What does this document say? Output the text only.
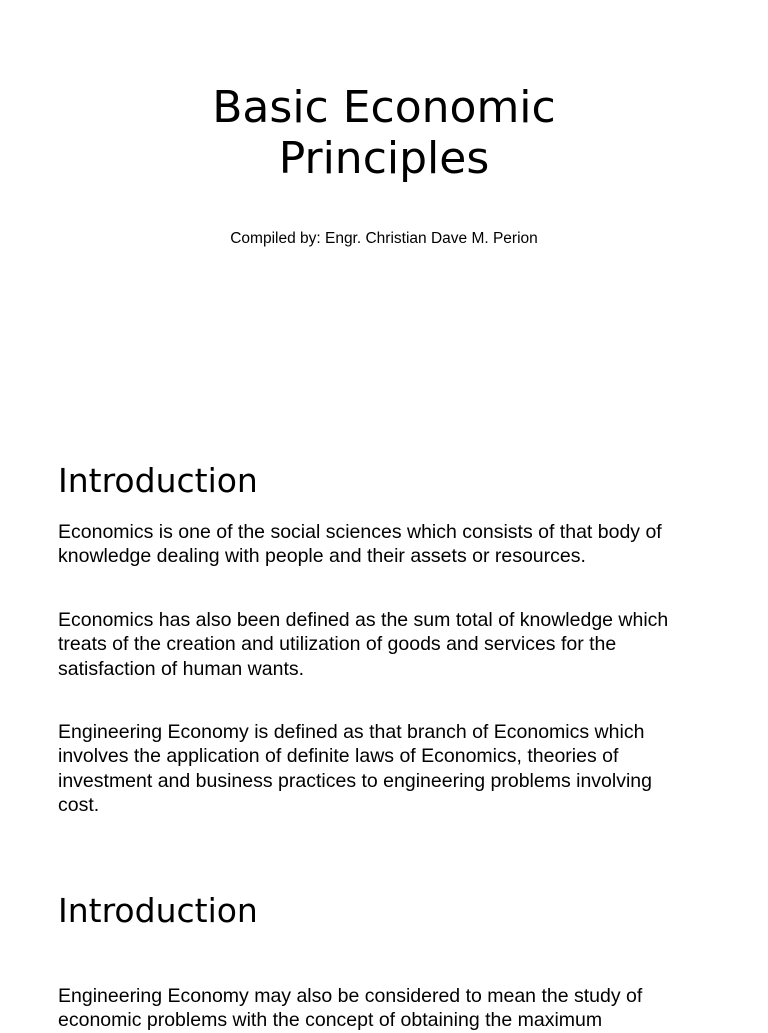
Basic Economic
Principles

Compiled by: Engr. Christian Dave M. Perion

Introduction

Economics is one of the social sciences which consists of that body of
knowledge dealing with people and their assets or resources.

Economics has also been defined as the sum total of knowledge which
treats of the creation and utilization of goods and services for the
satisfaction of human wants.

Engineering Economy is defined as that branch of Economics which
involves the application of definite laws of Economics, theories of
investment and business practices to engineering problems involving
cost.

Introduction

Engineering Economy may also be considered to mean the study of
economic problems with the concept of obtaining the maximum
